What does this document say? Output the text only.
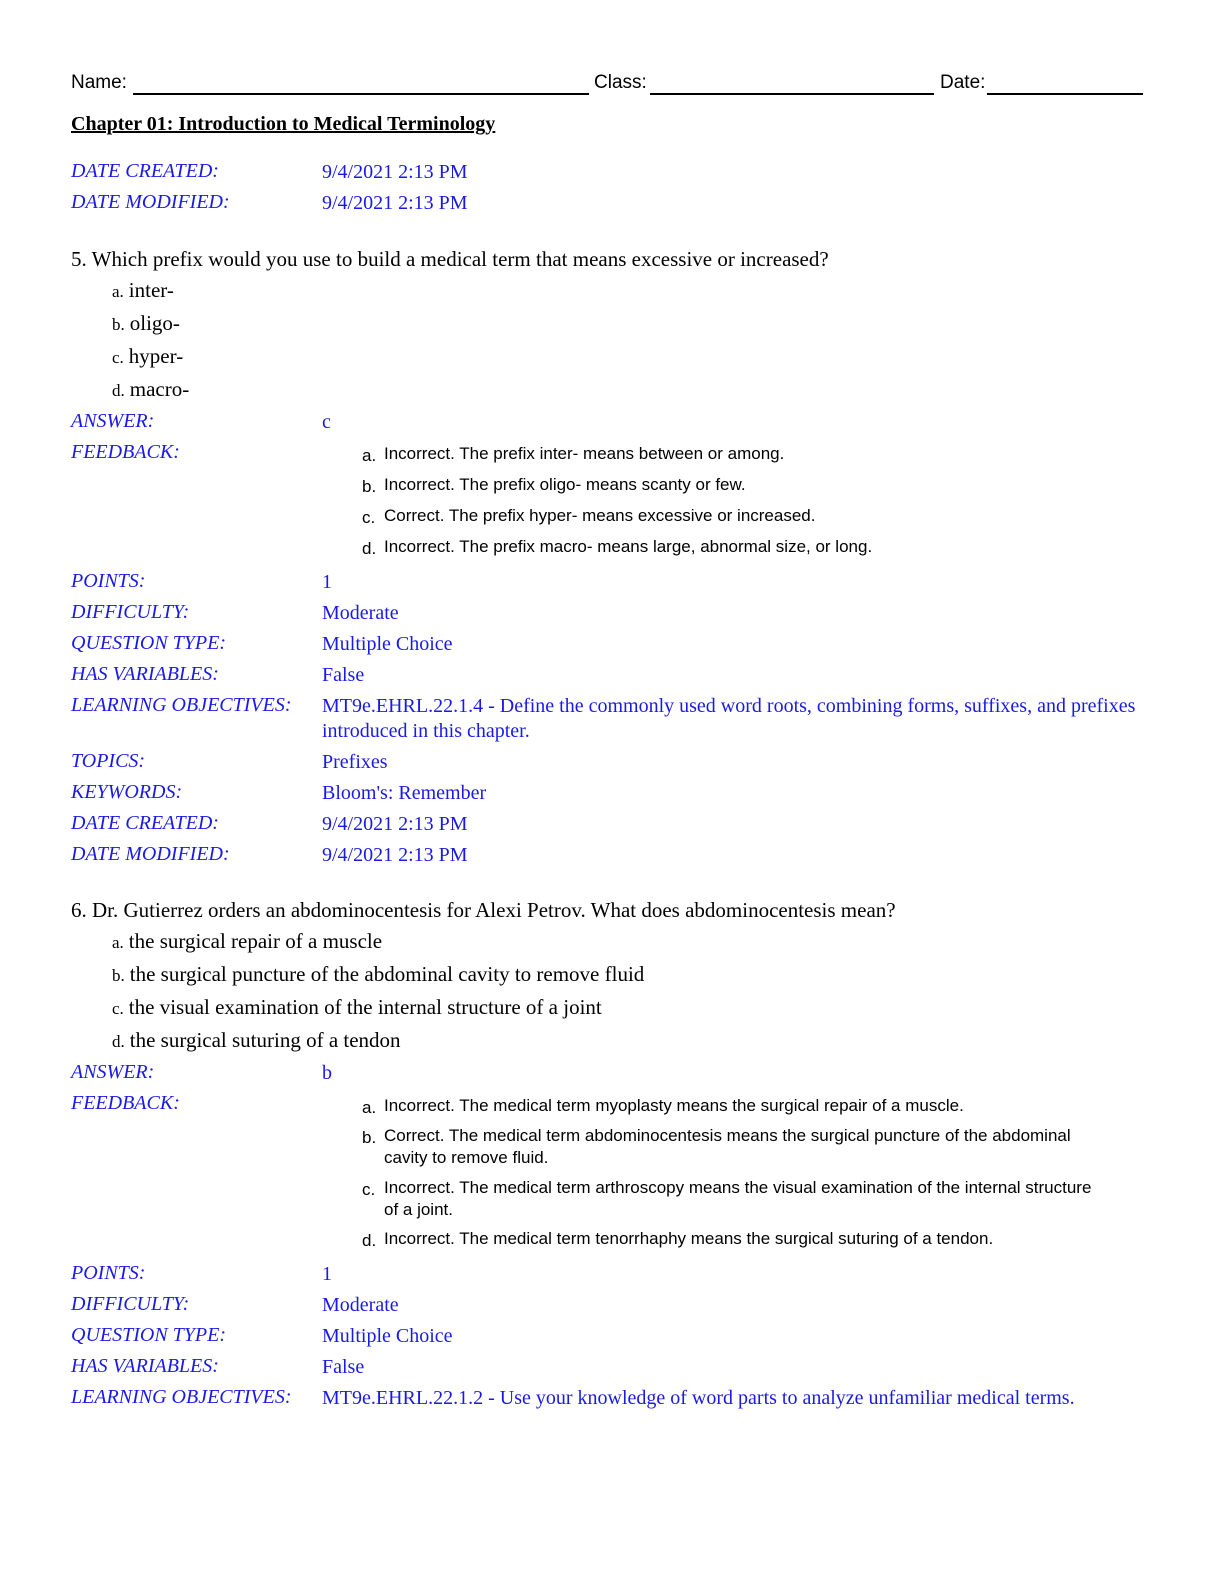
Name:	Class:	Date:
Chapter 01: Introduction to Medical Terminology
DATE CREATED:	9/4/2021 2:13 PM
DATE MODIFIED:	9/4/2021 2:13 PM
5. Which prefix would you use to build a medical term that means excessive or increased?
a. inter-
b. oligo-
c. hyper-
d. macro-
ANSWER:	c
FEEDBACK:	a. Incorrect. The prefix inter- means between or among.
b. Incorrect. The prefix oligo- means scanty or few.
c. Correct. The prefix hyper- means excessive or increased.
d. Incorrect. The prefix macro- means large, abnormal size, or long.
POINTS:	1
DIFFICULTY:	Moderate
QUESTION TYPE:	Multiple Choice
HAS VARIABLES:	False
LEARNING OBJECTIVES: MT9e.EHRL.22.1.4 - Define the commonly used word roots, combining forms, suffixes, and prefixes introduced in this chapter.
TOPICS:	Prefixes
KEYWORDS:	Bloom's: Remember
DATE CREATED:	9/4/2021 2:13 PM
DATE MODIFIED:	9/4/2021 2:13 PM
6. Dr. Gutierrez orders an abdominocentesis for Alexi Petrov. What does abdominocentesis mean?
a. the surgical repair of a muscle
b. the surgical puncture of the abdominal cavity to remove fluid
c. the visual examination of the internal structure of a joint
d. the surgical suturing of a tendon
ANSWER:	b
FEEDBACK:	a. Incorrect. The medical term myoplasty means the surgical repair of a muscle.
b. Correct. The medical term abdominocentesis means the surgical puncture of the abdominal cavity to remove fluid.
c. Incorrect. The medical term arthroscopy means the visual examination of the internal structure of a joint.
d. Incorrect. The medical term tenorrhaphy means the surgical suturing of a tendon.
POINTS:	1
DIFFICULTY:	Moderate
QUESTION TYPE:	Multiple Choice
HAS VARIABLES:	False
LEARNING OBJECTIVES: MT9e.EHRL.22.1.2 - Use your knowledge of word parts to analyze unfamiliar medical terms.
